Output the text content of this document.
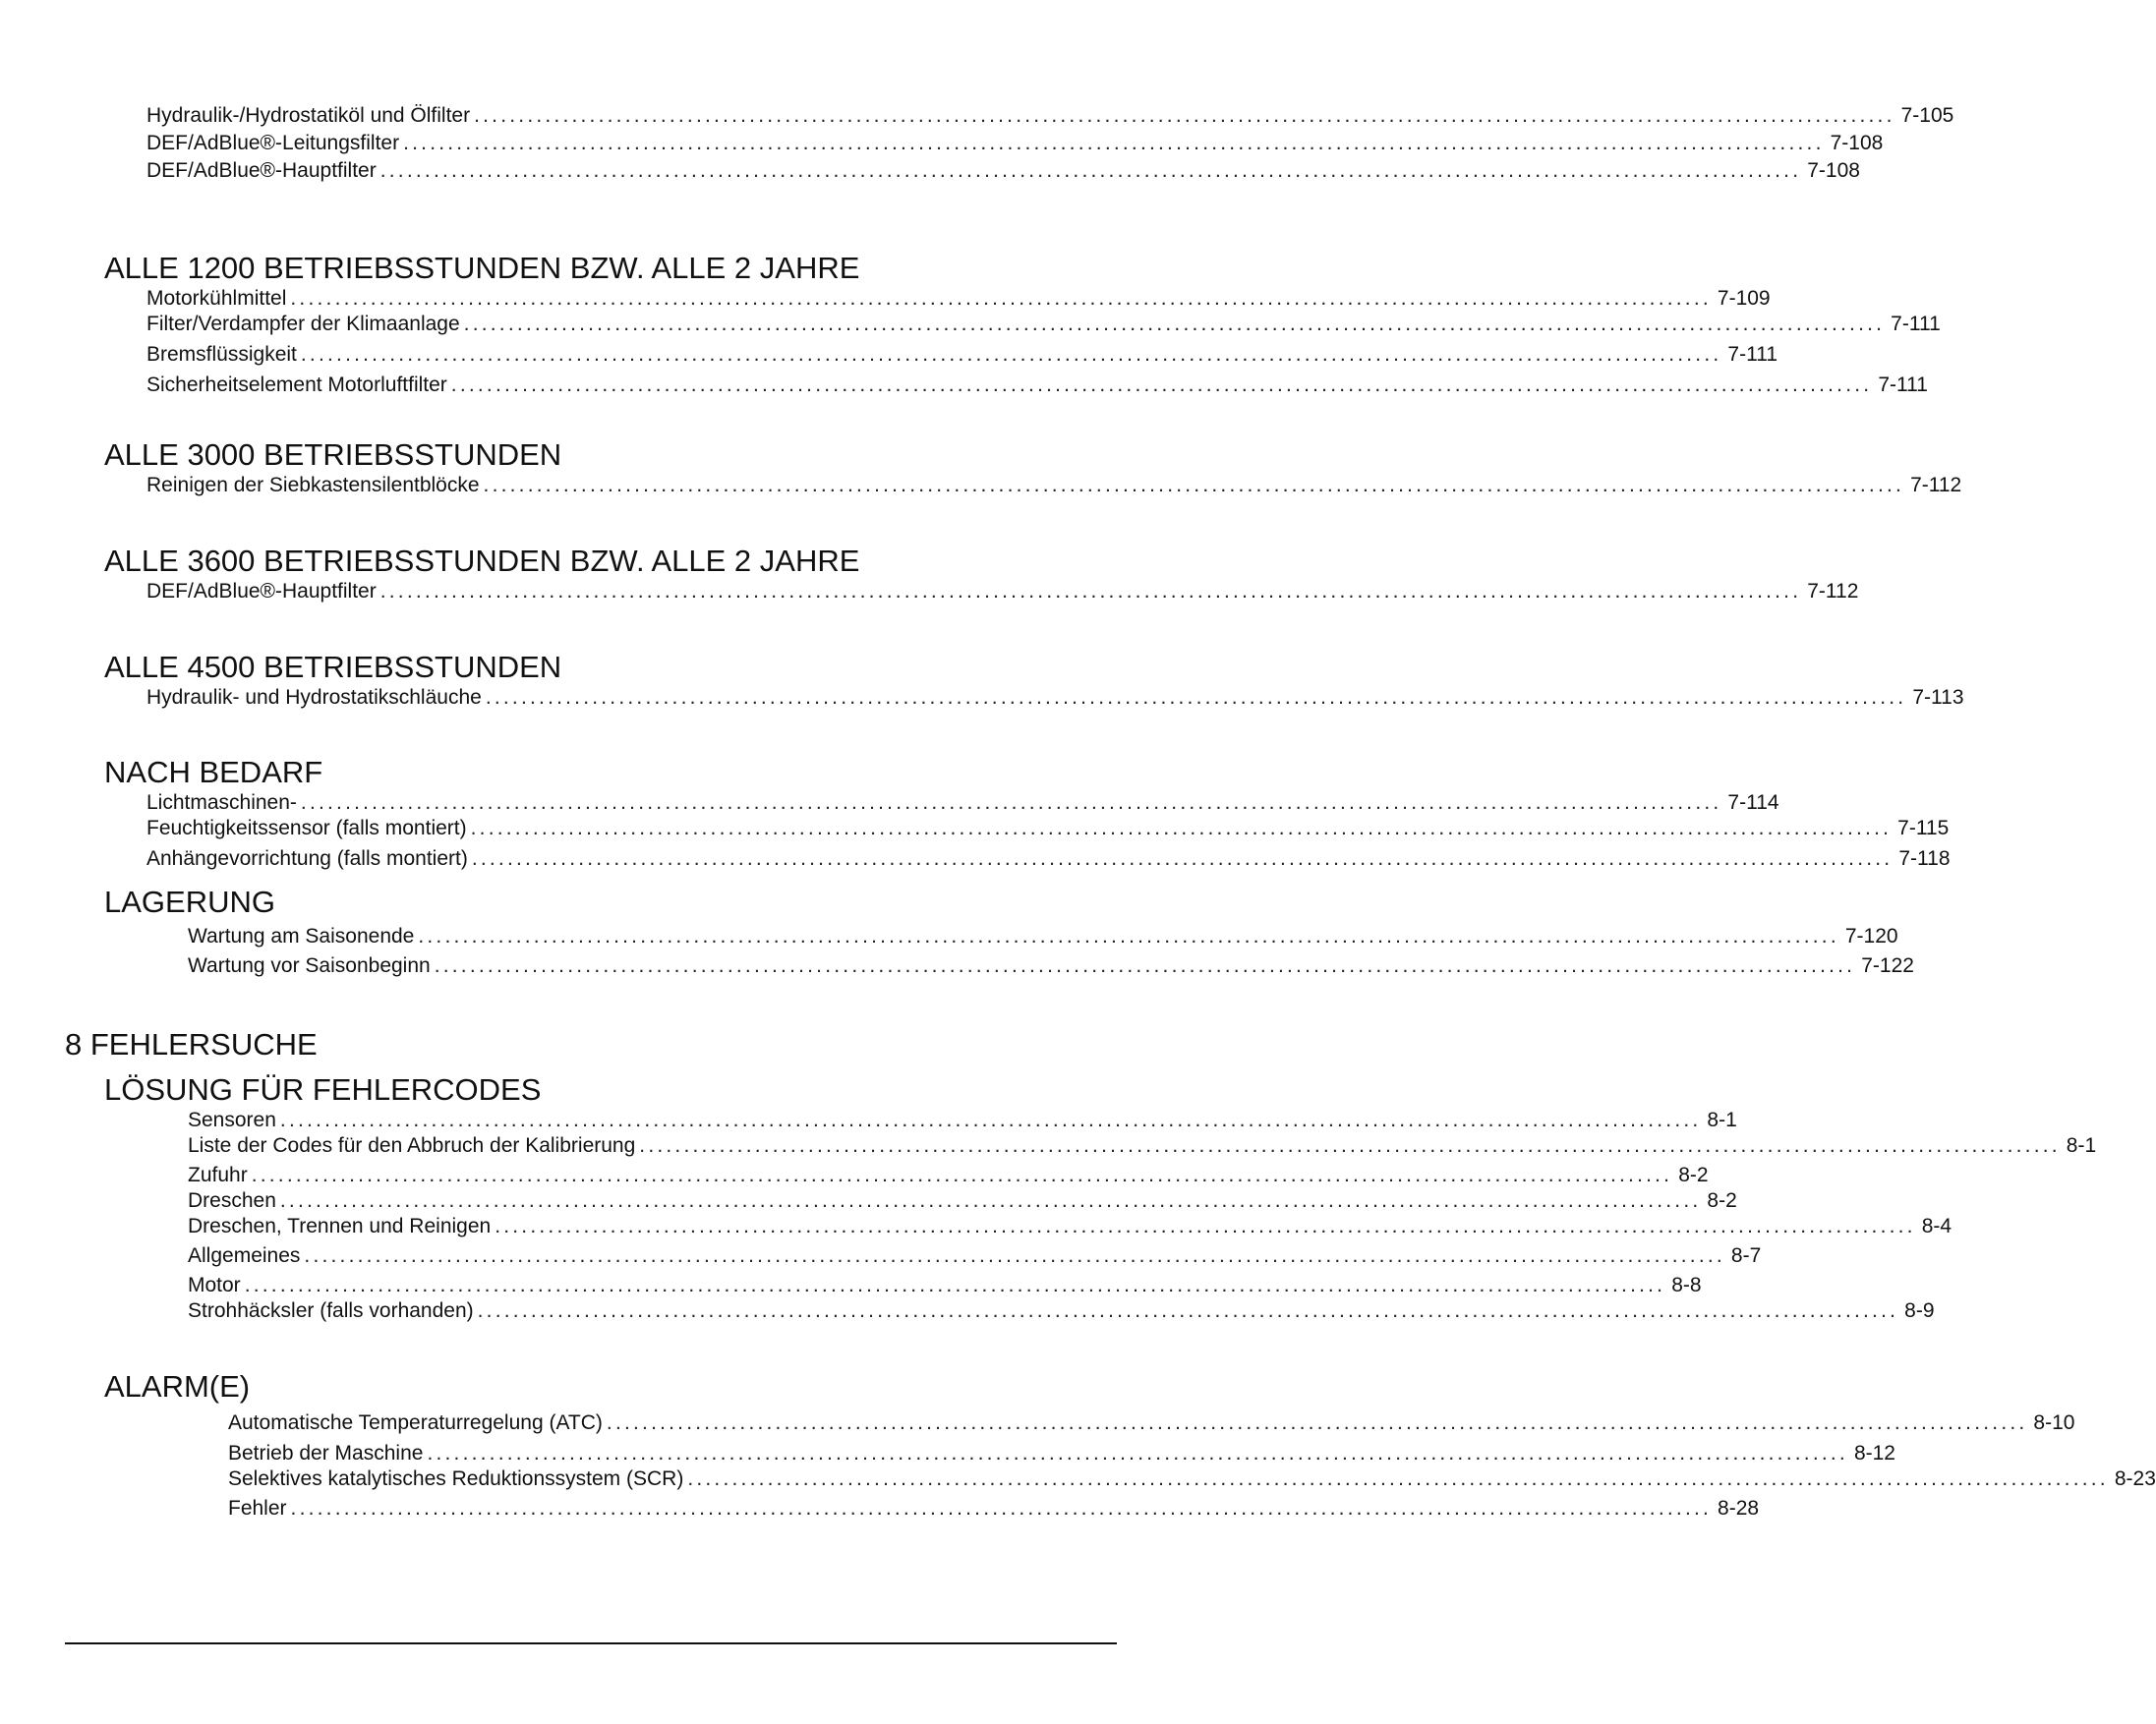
Hydraulik-/Hydrostatiköl und Ölfilter ................................................................................................................................................................ 7-105
DEF/AdBlue®-Leitungsfilter ................................................................................................................................................................ 7-108
DEF/AdBlue®-Hauptfilter ................................................................................................................................................................ 7-108
ALLE 1200 BETRIEBSSTUNDEN BZW. ALLE 2 JAHRE
Motorkühlmittel ................................................................................................................................................................ 7-109
Filter/Verdampfer der Klimaanlage ................................................................................................................................................................ 7-111
Bremsflüssigkeit ................................................................................................................................................................ 7-111
Sicherheitselement Motorluftfilter ................................................................................................................................................................ 7-111
ALLE 3000 BETRIEBSSTUNDEN
Reinigen der Siebkastensilentblöcke ................................................................................................................................................................ 7-112
ALLE 3600 BETRIEBSSTUNDEN BZW. ALLE 2 JAHRE
DEF/AdBlue®-Hauptfilter ................................................................................................................................................................ 7-112
ALLE 4500 BETRIEBSSTUNDEN
Hydraulik- und Hydrostatikschläuche ................................................................................................................................................................ 7-113
NACH BEDARF
Lichtmaschinen- ................................................................................................................................................................ 7-114
Feuchtigkeitssensor (falls montiert) ................................................................................................................................................................ 7-115
Anhängevorrichtung (falls montiert) ................................................................................................................................................................ 7-118
LAGERUNG
Wartung am Saisonende ................................................................................................................................................................ 7-120
Wartung vor Saisonbeginn ................................................................................................................................................................ 7-122
8 FEHLERSUCHE
LÖSUNG FÜR FEHLERCODES
Sensoren ................................................................................................................................................................ 8-1
Liste der Codes für den Abbruch der Kalibrierung ................................................................................................................................................................ 8-1
Zufuhr ................................................................................................................................................................ 8-2
Dreschen ................................................................................................................................................................ 8-2
Dreschen, Trennen und Reinigen ................................................................................................................................................................ 8-4
Allgemeines ................................................................................................................................................................ 8-7
Motor ................................................................................................................................................................ 8-8
Strohhäcksler (falls vorhanden) ................................................................................................................................................................ 8-9
ALARM(E)
Automatische Temperaturregelung (ATC) ................................................................................................................................................................ 8-10
Betrieb der Maschine ................................................................................................................................................................ 8-12
Selektives katalytisches Reduktionssystem (SCR) ................................................................................................................................................................ 8-23
Fehler ................................................................................................................................................................ 8-28
